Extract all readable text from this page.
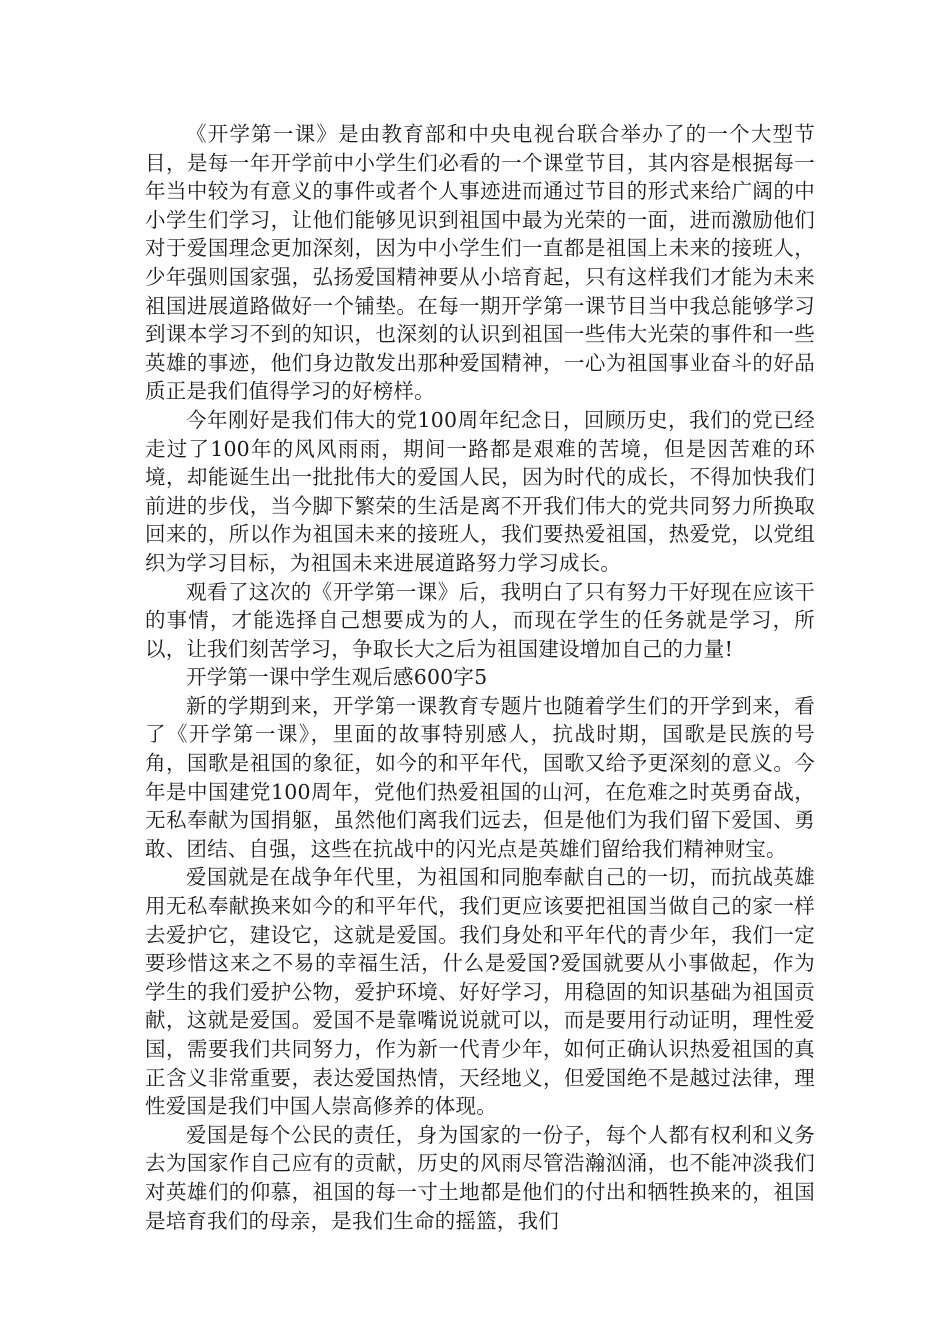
《开学第一课》是由教育部和中央电视台联合举办了的一个大型节目，是每一年开学前中小学生们必看的一个课堂节目，其内容是根据每一年当中较为有意义的事件或者个人事迹进而通过节目的形式来给广阔的中小学生们学习，让他们能够见识到祖国中最为光荣的一面，进而激励他们对于爱国理念更加深刻，因为中小学生们一直都是祖国上未来的接班人，少年强则国家强，弘扬爱国精神要从小培育起，只有这样我们才能为未来祖国进展道路做好一个铺垫。在每一期开学第一课节目当中我总能够学习到课本学习不到的知识，也深刻的认识到祖国一些伟大光荣的事件和一些英雄的事迹，他们身边散发出那种爱国精神，一心为祖国事业奋斗的好品质正是我们值得学习的好榜样。

今年刚好是我们伟大的党100周年纪念日，回顾历史，我们的党已经走过了100年的风风雨雨，期间一路都是艰难的苦境，但是因苦难的环境，却能诞生出一批批伟大的爱国人民，因为时代的成长，不得加快我们前进的步伐，当今脚下繁荣的生活是离不开我们伟大的党共同努力所换取回来的，所以作为祖国未来的接班人，我们要热爱祖国，热爱党，以党组织为学习目标，为祖国未来进展道路努力学习成长。

观看了这次的《开学第一课》后，我明白了只有努力干好现在应该干的事情，才能选择自己想要成为的人，而现在学生的任务就是学习，所以，让我们刻苦学习，争取长大之后为祖国建设增加自己的力量!

开学第一课中学生观后感600字5

新的学期到来，开学第一课教育专题片也随着学生们的开学到来，看了《开学第一课》，里面的故事特别感人，抗战时期，国歌是民族的号角，国歌是祖国的象征，如今的和平年代，国歌又给予更深刻的意义。今年是中国建党100周年，党他们热爱祖国的山河，在危难之时英勇奋战，无私奉献为国捐躯，虽然他们离我们远去，但是他们为我们留下爱国、勇敢、团结、自强，这些在抗战中的闪光点是英雄们留给我们精神财宝。

爱国就是在战争年代里，为祖国和同胞奉献自己的一切，而抗战英雄用无私奉献换来如今的和平年代，我们更应该要把祖国当做自己的家一样去爱护它，建设它，这就是爱国。我们身处和平年代的青少年，我们一定要珍惜这来之不易的幸福生活，什么是爱国?爱国就要从小事做起，作为学生的我们爱护公物，爱护环境、好好学习，用稳固的知识基础为祖国贡献，这就是爱国。爱国不是靠嘴说说就可以，而是要用行动证明，理性爱国，需要我们共同努力，作为新一代青少年，如何正确认识热爱祖国的真正含义非常重要，表达爱国热情，天经地义，但爱国绝不是越过法律，理性爱国是我们中国人崇高修养的体现。

爱国是每个公民的责任，身为国家的一份子，每个人都有权利和义务去为国家作自己应有的贡献，历史的风雨尽管浩瀚汹涌，也不能冲淡我们对英雄们的仰慕，祖国的每一寸土地都是他们的付出和牺牲换来的，祖国是培育我们的母亲，是我们生命的摇篮，我们
